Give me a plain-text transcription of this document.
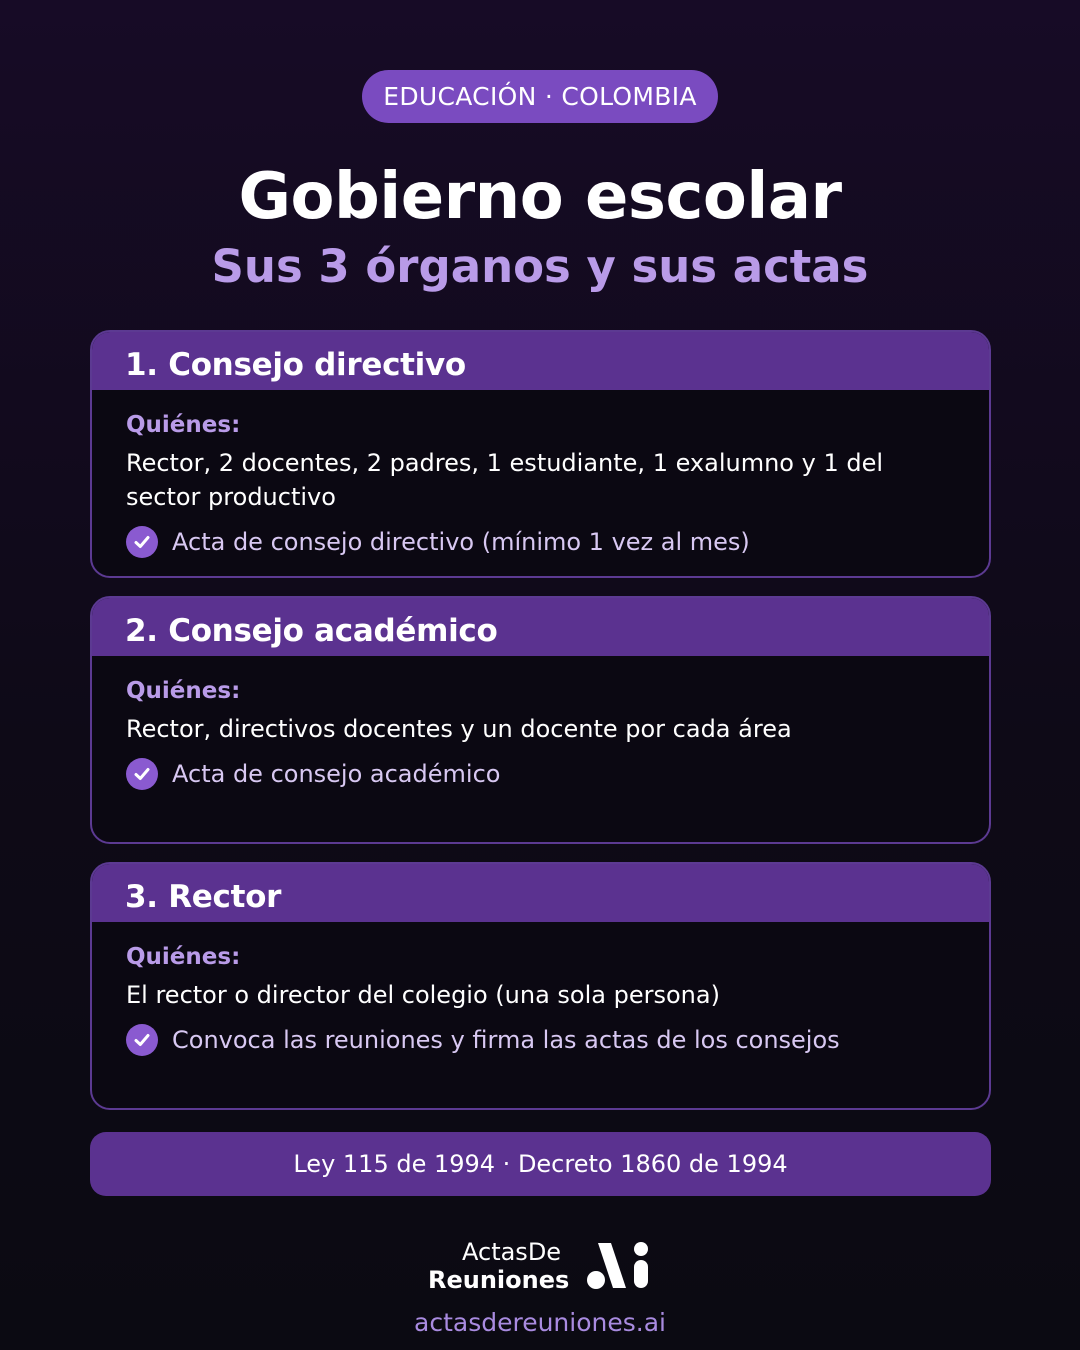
EDUCACIÓN · COLOMBIA
Gobierno escolar
Sus 3 órganos y sus actas
1. Consejo directivo
Quiénes:
Rector, 2 docentes, 2 padres, 1 estudiante, 1 exalumno y 1 del sector productivo
Acta de consejo directivo (mínimo 1 vez al mes)
2. Consejo académico
Quiénes:
Rector, directivos docentes y un docente por cada área
Acta de consejo académico
3. Rector
Quiénes:
El rector o director del colegio (una sola persona)
Convoca las reuniones y firma las actas de los consejos
Ley 115 de 1994 · Decreto 1860 de 1994
ActasDe
Reuniones
actasdereuniones.ai
